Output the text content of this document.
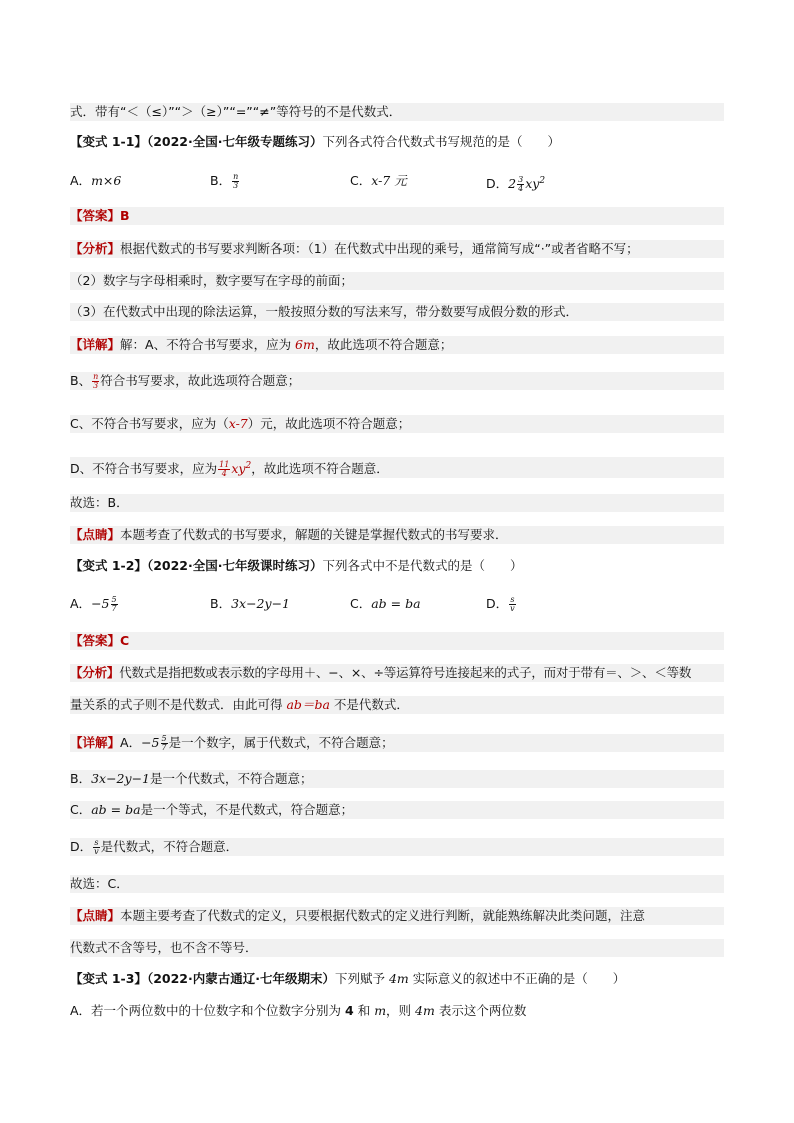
式．带有“＜（≤）”“＞（≥）”“=”“≠”等符号的不是代数式．
【变式 1-1】（2022·全国·七年级专题练习）下列各式符合代数式书写规范的是（　　）
A．m×6	B． $\frac{n}{3}$	C．x-7 元	D．$2 \frac{3}{4} xy^2$
【答案】B
【分析】根据代数式的书写要求判断各项：（1）在代数式中出现的乘号，通常简写成“·”或者省略不写；
（2）数字与字母相乘时，数字要写在字母的前面；
（3）在代数式中出现的除法运算，一般按照分数的写法来写，带分数要写成假分数的形式．
【详解】解：A、不符合书写要求，应为 6m，故此选项不符合题意；
B、 $\frac{n}{3}$ 符合书写要求，故此选项符合题意；
C、不符合书写要求，应为（x-7）元，故此选项不符合题意；
D、不符合书写要求，应为 $\frac{11}{4} xy^2$，故此选项不符合题意．
故选：B．
【点睛】本题考查了代数式的书写要求，解题的关键是掌握代数式的书写要求．
【变式 1-2】（2022·全国·七年级课时练习）下列各式中不是代数式的是（　　）
A．$-5 \frac{5}{7}$	B．3x−2y−1	C．ab = ba	D． $\frac{s}{v}$
【答案】C
【分析】代数式是指把数或表示数的字母用＋、−、×、÷等运算符号连接起来的式子，而对于带有＝、＞、＜等数
量关系的式子则不是代数式．由此可得 ab＝ba 不是代数式．
【详解】A．$-5 \frac{5}{7}$ 是一个数字，属于代数式，不符合题意；
B．3x−2y−1是一个代数式，不符合题意；
C．ab = ba是一个等式，不是代数式，符合题意；
D． $\frac{s}{v}$ 是代数式，不符合题意．
故选：C．
【点睛】本题主要考查了代数式的定义，只要根据代数式的定义进行判断，就能熟练解决此类问题，注意
代数式不含等号，也不含不等号．
【变式 1-3】（2022·内蒙古通辽·七年级期末）下列赋予 4m 实际意义的叙述中不正确的是（　　）
A．若一个两位数中的十位数字和个位数字分别为 4 和 m，则 4m 表示这个两位数
